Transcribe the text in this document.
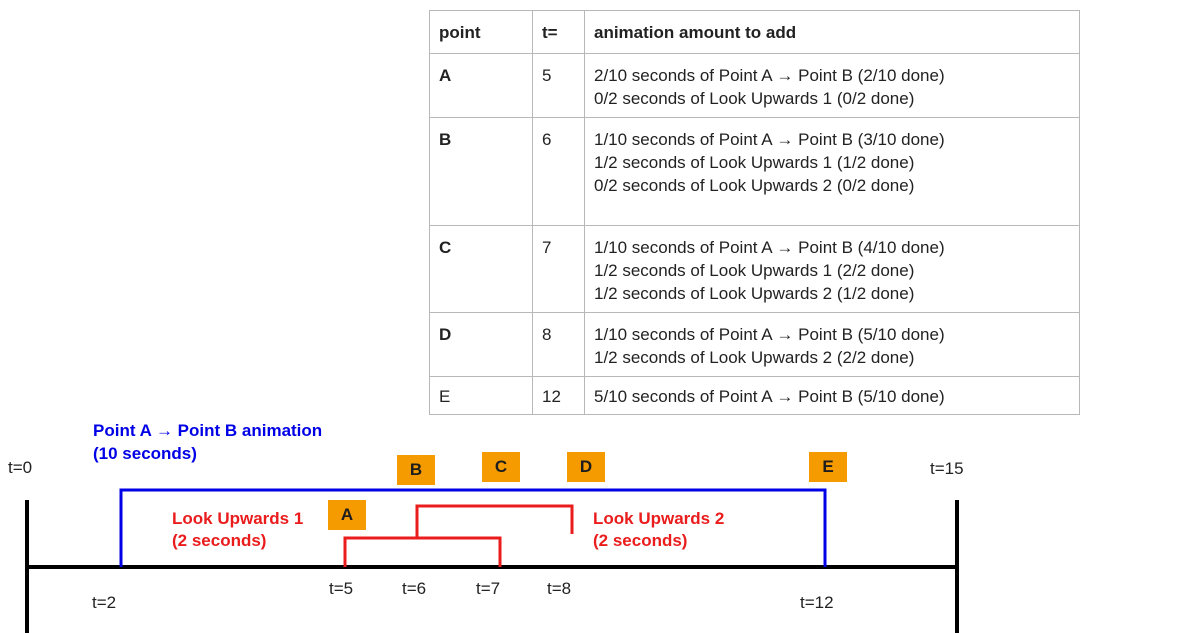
point	t=	animation amount to add
A	5	2/10 seconds of Point A → Point B (2/10 done)
0/2 seconds of Look Upwards 1 (0/2 done)

B	6	1/10 seconds of Point A → Point B (3/10 done)
1/2 seconds of Look Upwards 1 (1/2 done)
0/2 seconds of Look Upwards 2 (0/2 done)

C	7	1/10 seconds of Point A → Point B (4/10 done)
1/2 seconds of Look Upwards 1 (2/2 done)
1/2 seconds of Look Upwards 2 (1/2 done)

D	8	1/10 seconds of Point A → Point B (5/10 done)
1/2 seconds of Look Upwards 2 (2/2 done)

E	12	5/10 seconds of Point A → Point B (5/10 done)
Point A → Point B animation
(10 seconds)
Look Upwards 1
(2 seconds)
Look Upwards 2
(2 seconds)
A
B	C	D	E
t=0	t=15
t=2	t=12
t=5	t=6	t=7	t=8
